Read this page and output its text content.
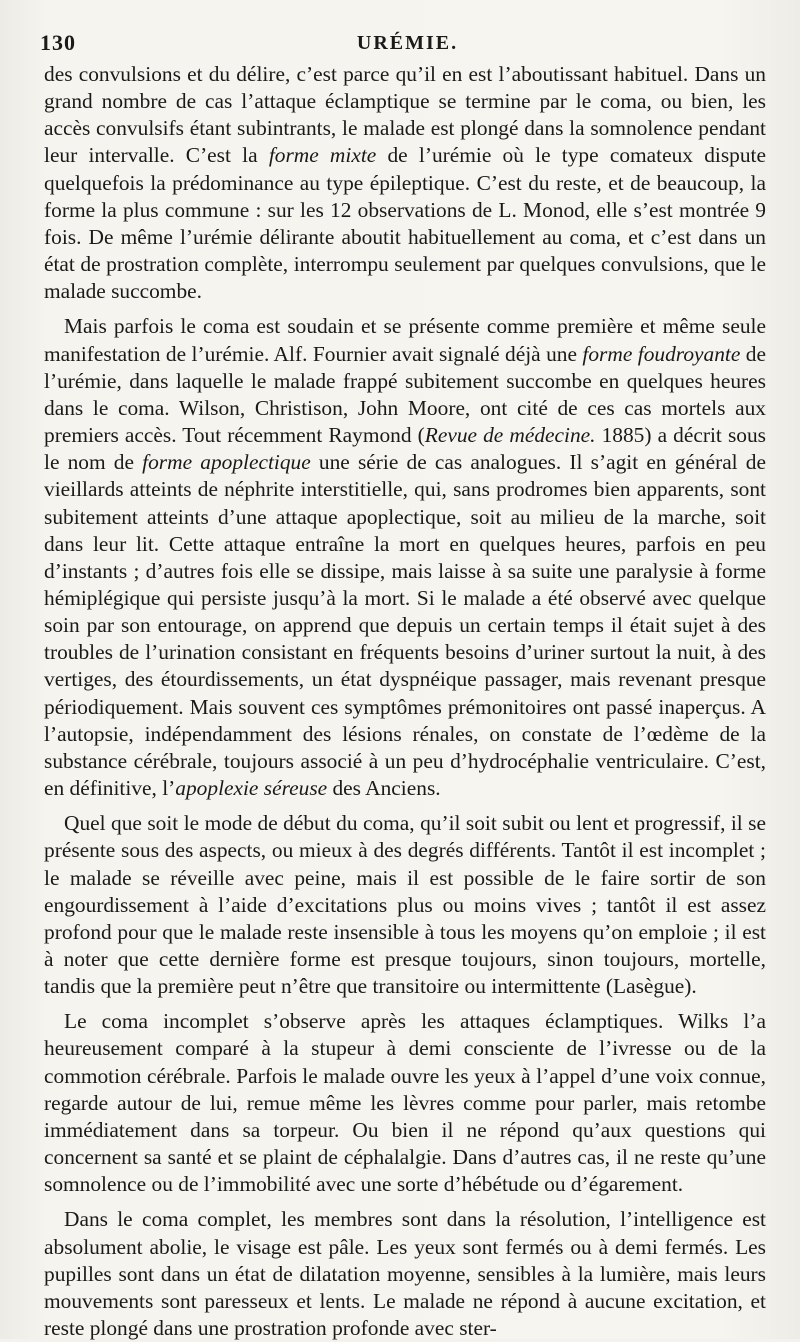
130	URÉMIE.

des convulsions et du délire, c’est parce qu’il en est l’aboutissant habituel. Dans un grand nombre de cas l’attaque éclamptique se termine par le coma, ou bien, les accès convulsifs étant subintrants, le malade est plongé dans la somnolence pendant leur intervalle. C’est la forme mixte de l’urémie où le type comateux dispute quelquefois la prédominance au type épileptique. C’est du reste, et de beaucoup, la forme la plus commune : sur les 12 observations de L. Monod, elle s’est montrée 9 fois. De même l’urémie délirante aboutit habituellement au coma, et c’est dans un état de prostration complète, interrompu seulement par quelques convulsions, que le malade succombe.

Mais parfois le coma est soudain et se présente comme première et même seule manifestation de l’urémie. Alf. Fournier avait signalé déjà une forme foudroyante de l’urémie, dans laquelle le malade frappé subitement succombe en quelques heures dans le coma. Wilson, Christison, John Moore, ont cité de ces cas mortels aux premiers accès. Tout récemment Raymond (Revue de médecine. 1885) a décrit sous le nom de forme apoplectique une série de cas analogues. Il s’agit en général de vieillards atteints de néphrite interstitielle, qui, sans prodromes bien apparents, sont subitement atteints d’une attaque apoplectique, soit au milieu de la marche, soit dans leur lit. Cette attaque entraîne la mort en quelques heures, parfois en peu d’instants ; d’autres fois elle se dissipe, mais laisse à sa suite une paralysie à forme hémiplégique qui persiste jusqu’à la mort. Si le malade a été observé avec quelque soin par son entourage, on apprend que depuis un certain temps il était sujet à des troubles de l’urination consistant en fréquents besoins d’uriner surtout la nuit, à des vertiges, des étourdissements, un état dyspnéique passager, mais revenant presque périodiquement. Mais souvent ces symptômes prémonitoires ont passé inaperçus. A l’autopsie, indépendamment des lésions rénales, on constate de l’œdème de la substance cérébrale, toujours associé à un peu d’hydrocéphalie ventriculaire. C’est, en définitive, l’apoplexie séreuse des Anciens.

Quel que soit le mode de début du coma, qu’il soit subit ou lent et progressif, il se présente sous des aspects, ou mieux à des degrés différents. Tantôt il est incomplet ; le malade se réveille avec peine, mais il est possible de le faire sortir de son engourdissement à l’aide d’excitations plus ou moins vives ; tantôt il est assez profond pour que le malade reste insensible à tous les moyens qu’on emploie ; il est à noter que cette dernière forme est presque toujours, sinon toujours, mortelle, tandis que la première peut n’être que transitoire ou intermittente (Lasègue).

Le coma incomplet s’observe après les attaques éclamptiques. Wilks l’a heureusement comparé à la stupeur à demi consciente de l’ivresse ou de la commotion cérébrale. Parfois le malade ouvre les yeux à l’appel d’une voix connue, regarde autour de lui, remue même les lèvres comme pour parler, mais retombe immédiatement dans sa torpeur. Ou bien il ne répond qu’aux questions qui concernent sa santé et se plaint de céphalalgie. Dans d’autres cas, il ne reste qu’une somnolence ou de l’immobilité avec une sorte d’hébétude ou d’égarement.

Dans le coma complet, les membres sont dans la résolution, l’intelligence est absolument abolie, le visage est pâle. Les yeux sont fermés ou à demi fermés. Les pupilles sont dans un état de dilatation moyenne, sensibles à la lumière, mais leurs mouvements sont paresseux et lents. Le malade ne répond à aucune excitation, et reste plongé dans une prostration profonde avec ster-
